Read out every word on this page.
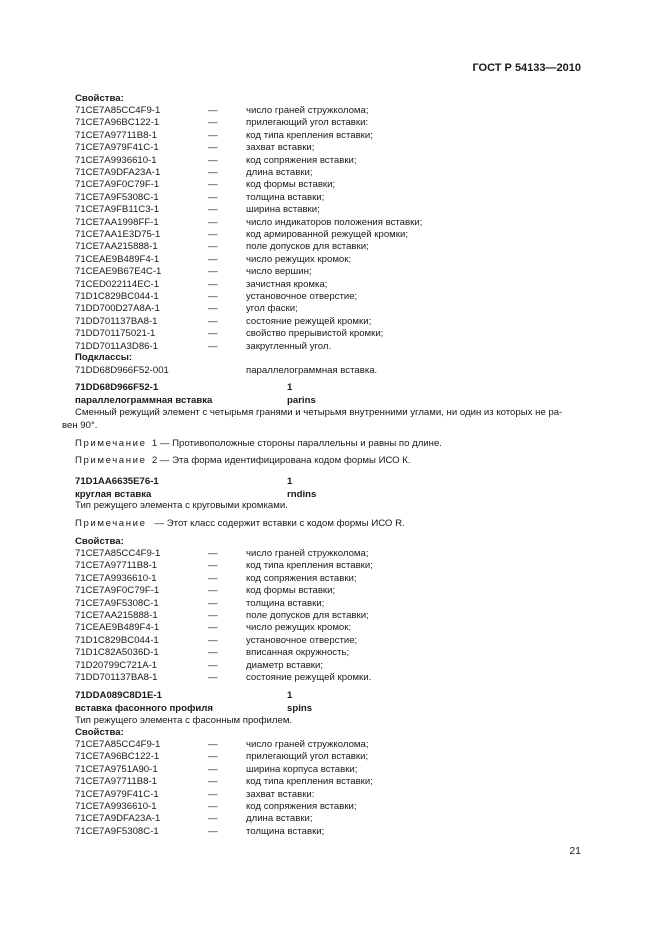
ГОСТ Р 54133—2010
Свойства:
71CE7A85CC4F9-1	—	число граней стружколома;
71CE7A96BC122-1	—	прилегающий угол вставки:
71CE7A97711B8-1	—	код типа крепления вставки;
71CE7A979F41C-1	—	захват вставки;
71CE7A9936610-1	—	код сопряжения вставки;
71CE7A9DFA23A-1	—	длина вставки;
71CE7A9F0C79F-1	—	код формы вставки;
71CE7A9F5308C-1	—	толщина вставки;
71CE7A9FB11C3-1	—	ширина вставки;
71CE7AA1998FF-1	—	число индикаторов положения вставки;
71CE7AA1E3D75-1	—	код армированной режущей кромки;
71CE7AA215888-1	—	поле допусков для вставки;
71CEAE9B489F4-1	—	число режущих кромок;
71CEAE9B67E4C-1	—	число вершин;
71CED022114EC-1	—	зачистная кромка;
71D1C829BC044-1	—	установочное отверстие;
71DD700D27A8A-1	—	угол фаски;
71DD701137BA8-1	—	состояние режущей кромки;
71DD701175021-1	—	свойство прерывистой кромки;
71DD7011A3D86-1	—	закругленный угол.
Подклассы:
71DD68D966F52-001	параллелограммная вставка.
71DD68D966F52-1	1
параллелограммная вставка	parins
Сменный режущий элемент с четырьмя гранями и четырьмя внутренними углами, ни один из которых не ра-
вен 90°.
Примечание 1 — Противоположные стороны параллельны и равны по длине.
Примечание 2 — Эта форма идентифицирована кодом формы ИСО К.
71D1AA6635E76-1	1
круглая вставка	rndins
Тип режущего элемента с круговыми кромками.
Примечание — Этот класс содержит вставки с кодом формы ИСО R.
Свойства:
71CE7A85CC4F9-1	—	число граней стружколома;
71CE7A97711B8-1	—	код типа крепления вставки;
71CE7A9936610-1	—	код сопряжения вставки;
71CE7A9F0C79F-1	—	код формы вставки;
71CE7A9F5308C-1	—	толщина вставки;
71CE7AA215888-1	—	поле допусков для вставки;
71CEAE9B489F4-1	—	число режущих кромок;
71D1C829BC044-1	—	установочное отверстие;
71D1C82A5036D-1	—	вписанная окружность;
71D20799C721A-1	—	диаметр вставки;
71DD701137BA8-1	—	состояние режущей кромки.
71DDA089C8D1E-1	1
вставка фасонного профиля	spins
Тип режущего элемента с фасонным профилем.
Свойства:
71CE7A85CC4F9-1	—	число граней стружколома;
71CE7A96BC122-1	—	прилегающий угол вставки;
71CE7A9751A90-1	—	ширина корпуса вставки;
71CE7A97711B8-1	—	код типа крепления вставки;
71CE7A979F41C-1	—	захват вставки:
71CE7A9936610-1	—	код сопряжения вставки;
71CE7A9DFA23A-1	—	длина вставки;
71CE7A9F5308C-1	—	толщина вставки;
21
